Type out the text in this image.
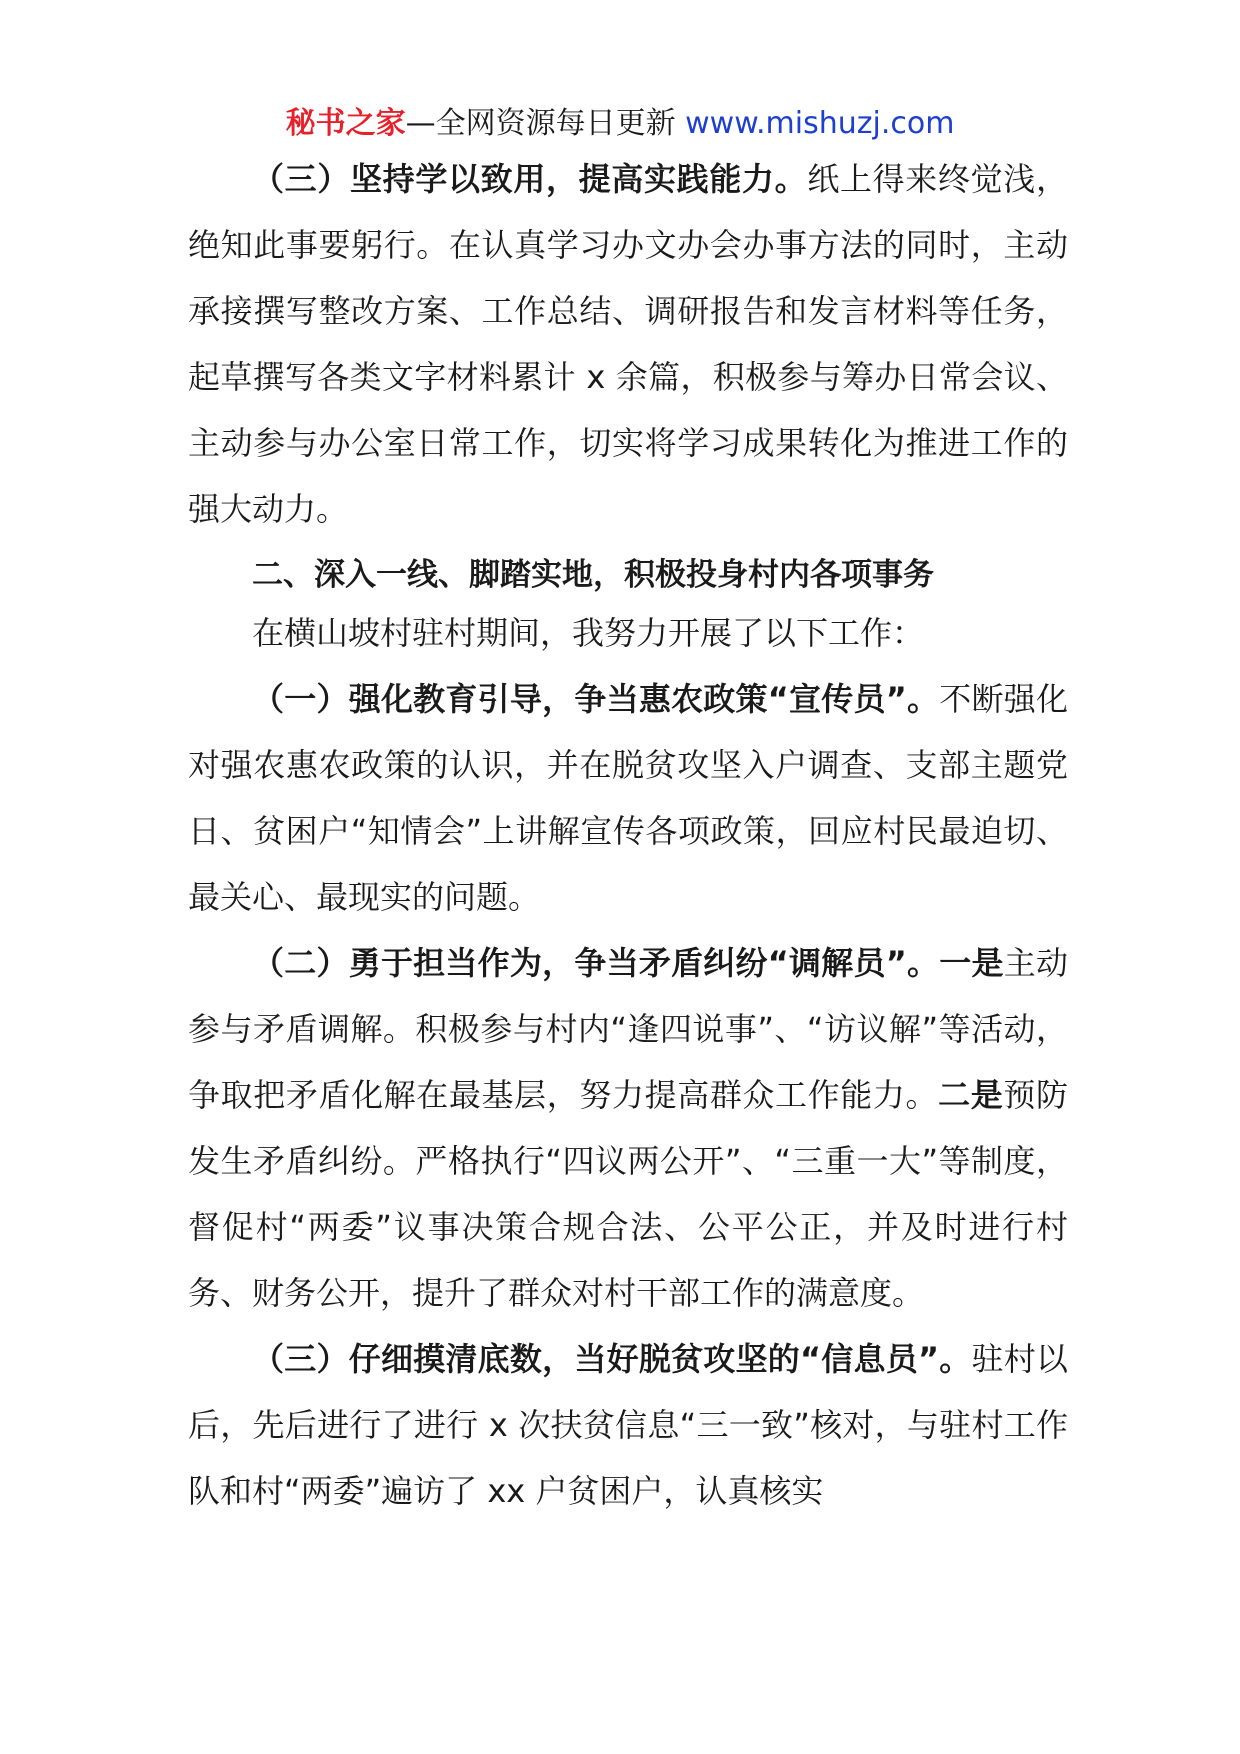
秘书之家—全网资源每日更新 www.mishuzj.com

（三）坚持学以致用，提高实践能力。纸上得来终觉浅，绝知此事要躬行。在认真学习办文办会办事方法的同时，主动承接撰写整改方案、工作总结、调研报告和发言材料等任务，起草撰写各类文字材料累计 x 余篇，积极参与筹办日常会议、主动参与办公室日常工作，切实将学习成果转化为推进工作的强大动力。

二、深入一线、脚踏实地，积极投身村内各项事务

在横山坡村驻村期间，我努力开展了以下工作：

（一）强化教育引导，争当惠农政策“宣传员”。不断强化对强农惠农政策的认识，并在脱贫攻坚入户调查、支部主题党日、贫困户“知情会”上讲解宣传各项政策，回应村民最迫切、最关心、最现实的问题。

（二）勇于担当作为，争当矛盾纠纷“调解员”。一是主动参与矛盾调解。积极参与村内“逢四说事”、“访议解”等活动，争取把矛盾化解在最基层，努力提高群众工作能力。二是预防发生矛盾纠纷。严格执行“四议两公开”、“三重一大”等制度，督促村“两委”议事决策合规合法、公平公正，并及时进行村务、财务公开，提升了群众对村干部工作的满意度。

（三）仔细摸清底数，当好脱贫攻坚的“信息员”。驻村以后，先后进行了进行 x 次扶贫信息“三一致”核对，与驻村工作队和村“两委”遍访了 xx 户贫困户，认真核实
